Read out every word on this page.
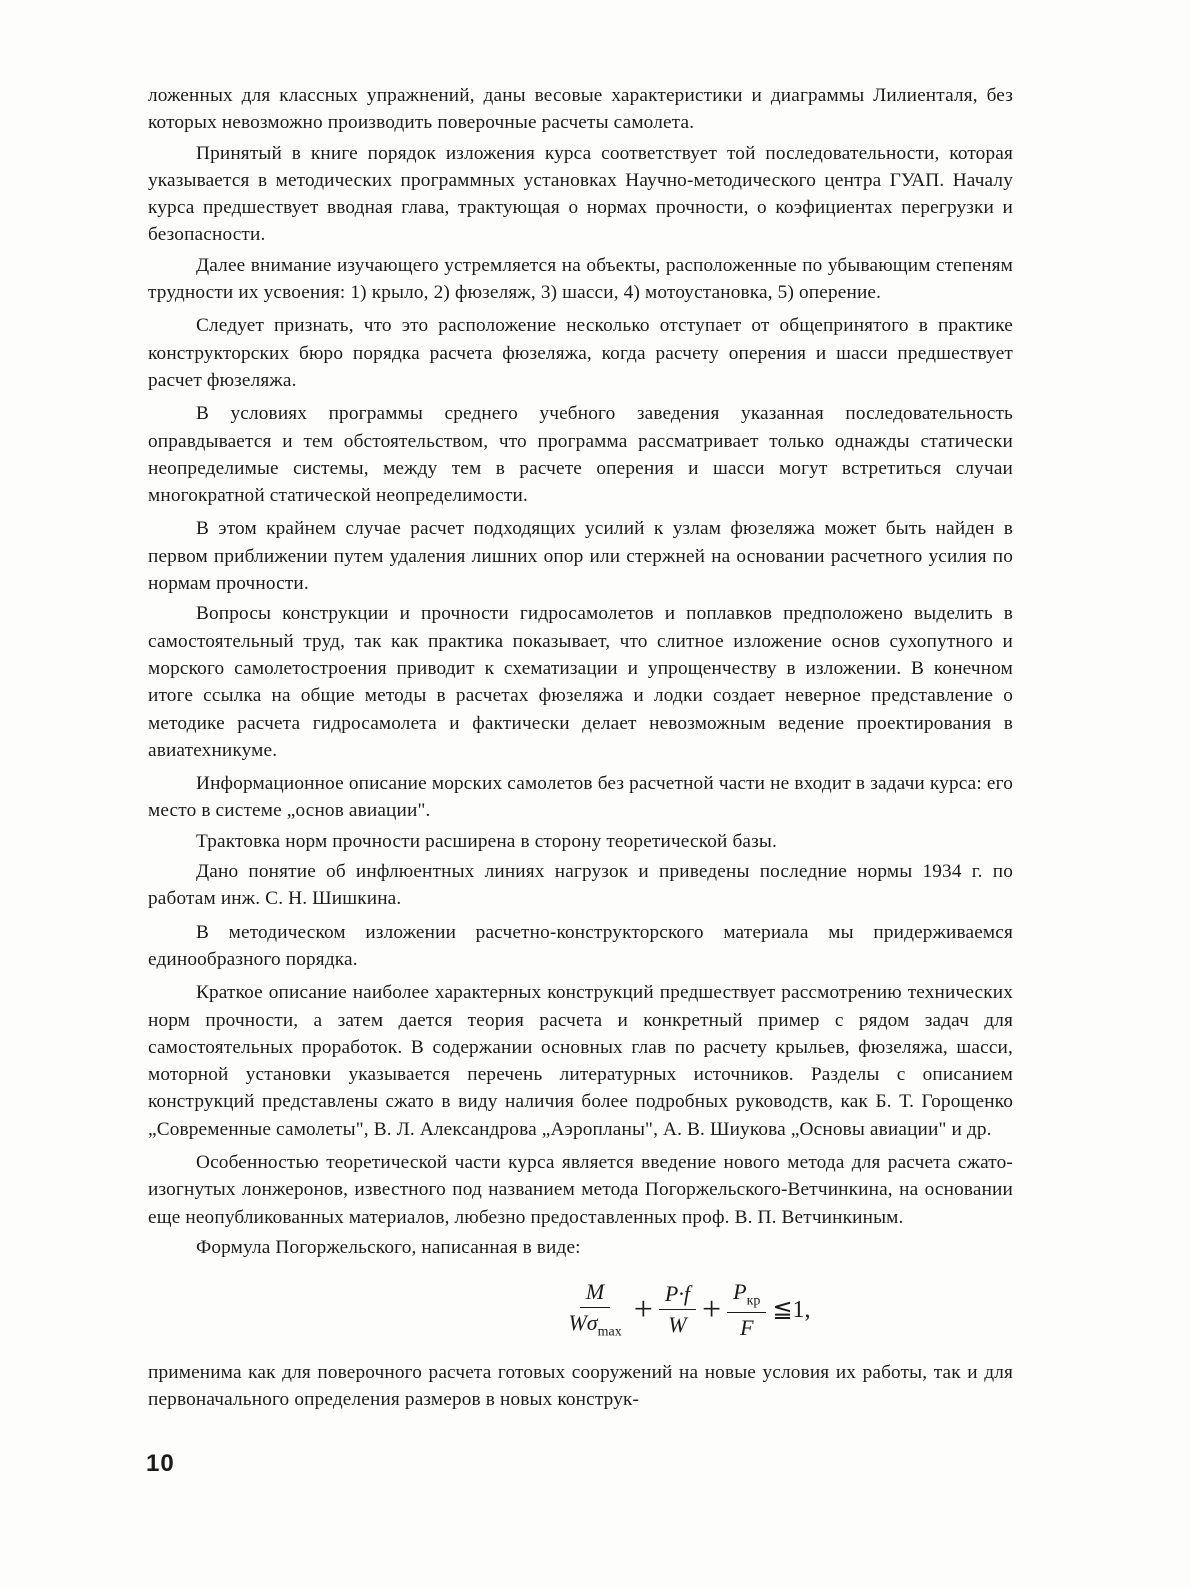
ложенных для классных упражнений, даны весовые характеристики и диаграммы Лилиенталя, без которых невозможно производить поверочные расчеты самолета.

Принятый в книге порядок изложения курса соответствует той последовательности, которая указывается в методических программных установках Научно-методического центра ГУАП. Началу курса предшествует вводная глава, трактующая о нормах прочности, о коэфициентах перегрузки и безопасности.

Далее внимание изучающего устремляется на объекты, расположенные по убывающим степеням трудности их усвоения: 1) крыло, 2) фюзеляж, 3) шасси, 4) мотоустановка, 5) оперение.

Следует признать, что это расположение несколько отступает от общепринятого в практике конструкторских бюро порядка расчета фюзеляжа, когда расчету оперения и шасси предшествует расчет фюзеляжа.

В условиях программы среднего учебного заведения указанная последовательность оправдывается и тем обстоятельством, что программа рассматривает только однажды статически неопределимые системы, между тем в расчете оперения и шасси могут встретиться случаи многократной статической неопределимости.

В этом крайнем случае расчет подходящих усилий к узлам фюзеляжа может быть найден в первом приближении путем удаления лишних опор или стержней на основании расчетного усилия по нормам прочности.

Вопросы конструкции и прочности гидросамолетов и поплавков предположено выделить в самостоятельный труд, так как практика показывает, что слитное изложение основ сухопутного и морского самолетостроения приводит к схематизации и упрощенчеству в изложении. В конечном итоге ссылка на общие методы в расчетах фюзеляжа и лодки создает неверное представление о методике расчета гидросамолета и фактически делает невозможным ведение проектирования в авиатехникуме.

Информационное описание морских самолетов без расчетной части не входит в задачи курса: его место в системе „основ авиации".

Трактовка норм прочности расширена в сторону теоретической базы.

Дано понятие об инфлюентных линиях нагрузок и приведены последние нормы 1934 г. по работам инж. С. Н. Шишкина.

В методическом изложении расчетно-конструкторского материала мы придерживаемся единообразного порядка.

Краткое описание наиболее характерных конструкций предшествует рассмотрению технических норм прочности, а затем дается теория расчета и конкретный пример с рядом задач для самостоятельных проработок. В содержании основных глав по расчету крыльев, фюзеляжа, шасси, моторной установки указывается перечень литературных источников. Разделы с описанием конструкций представлены сжато в виду наличия более подробных руководств, как Б. Т. Горощенко „Современные самолеты", В. Л. Александрова „Аэропланы", А. В. Шиукова „Основы авиации" и др.

Особенностью теоретической части курса является введение нового метода для расчета сжато-изогнутых лонжеронов, известного под названием метода Погоржельского-Ветчинкина, на основании еще неопубликованных материалов, любезно предоставленных проф. В. П. Ветчинкиным.

Формула Погоржельского, написанная в виде:

$\frac{M}{W\sigma_{max}} + \frac{P\cdot f}{W} + \frac{P_{кр}}{F}$ ≦1,

применима как для поверочного расчета готовых сооружений на новые условия их работы, так и для первоначального определения размеров в новых конструк-

10
